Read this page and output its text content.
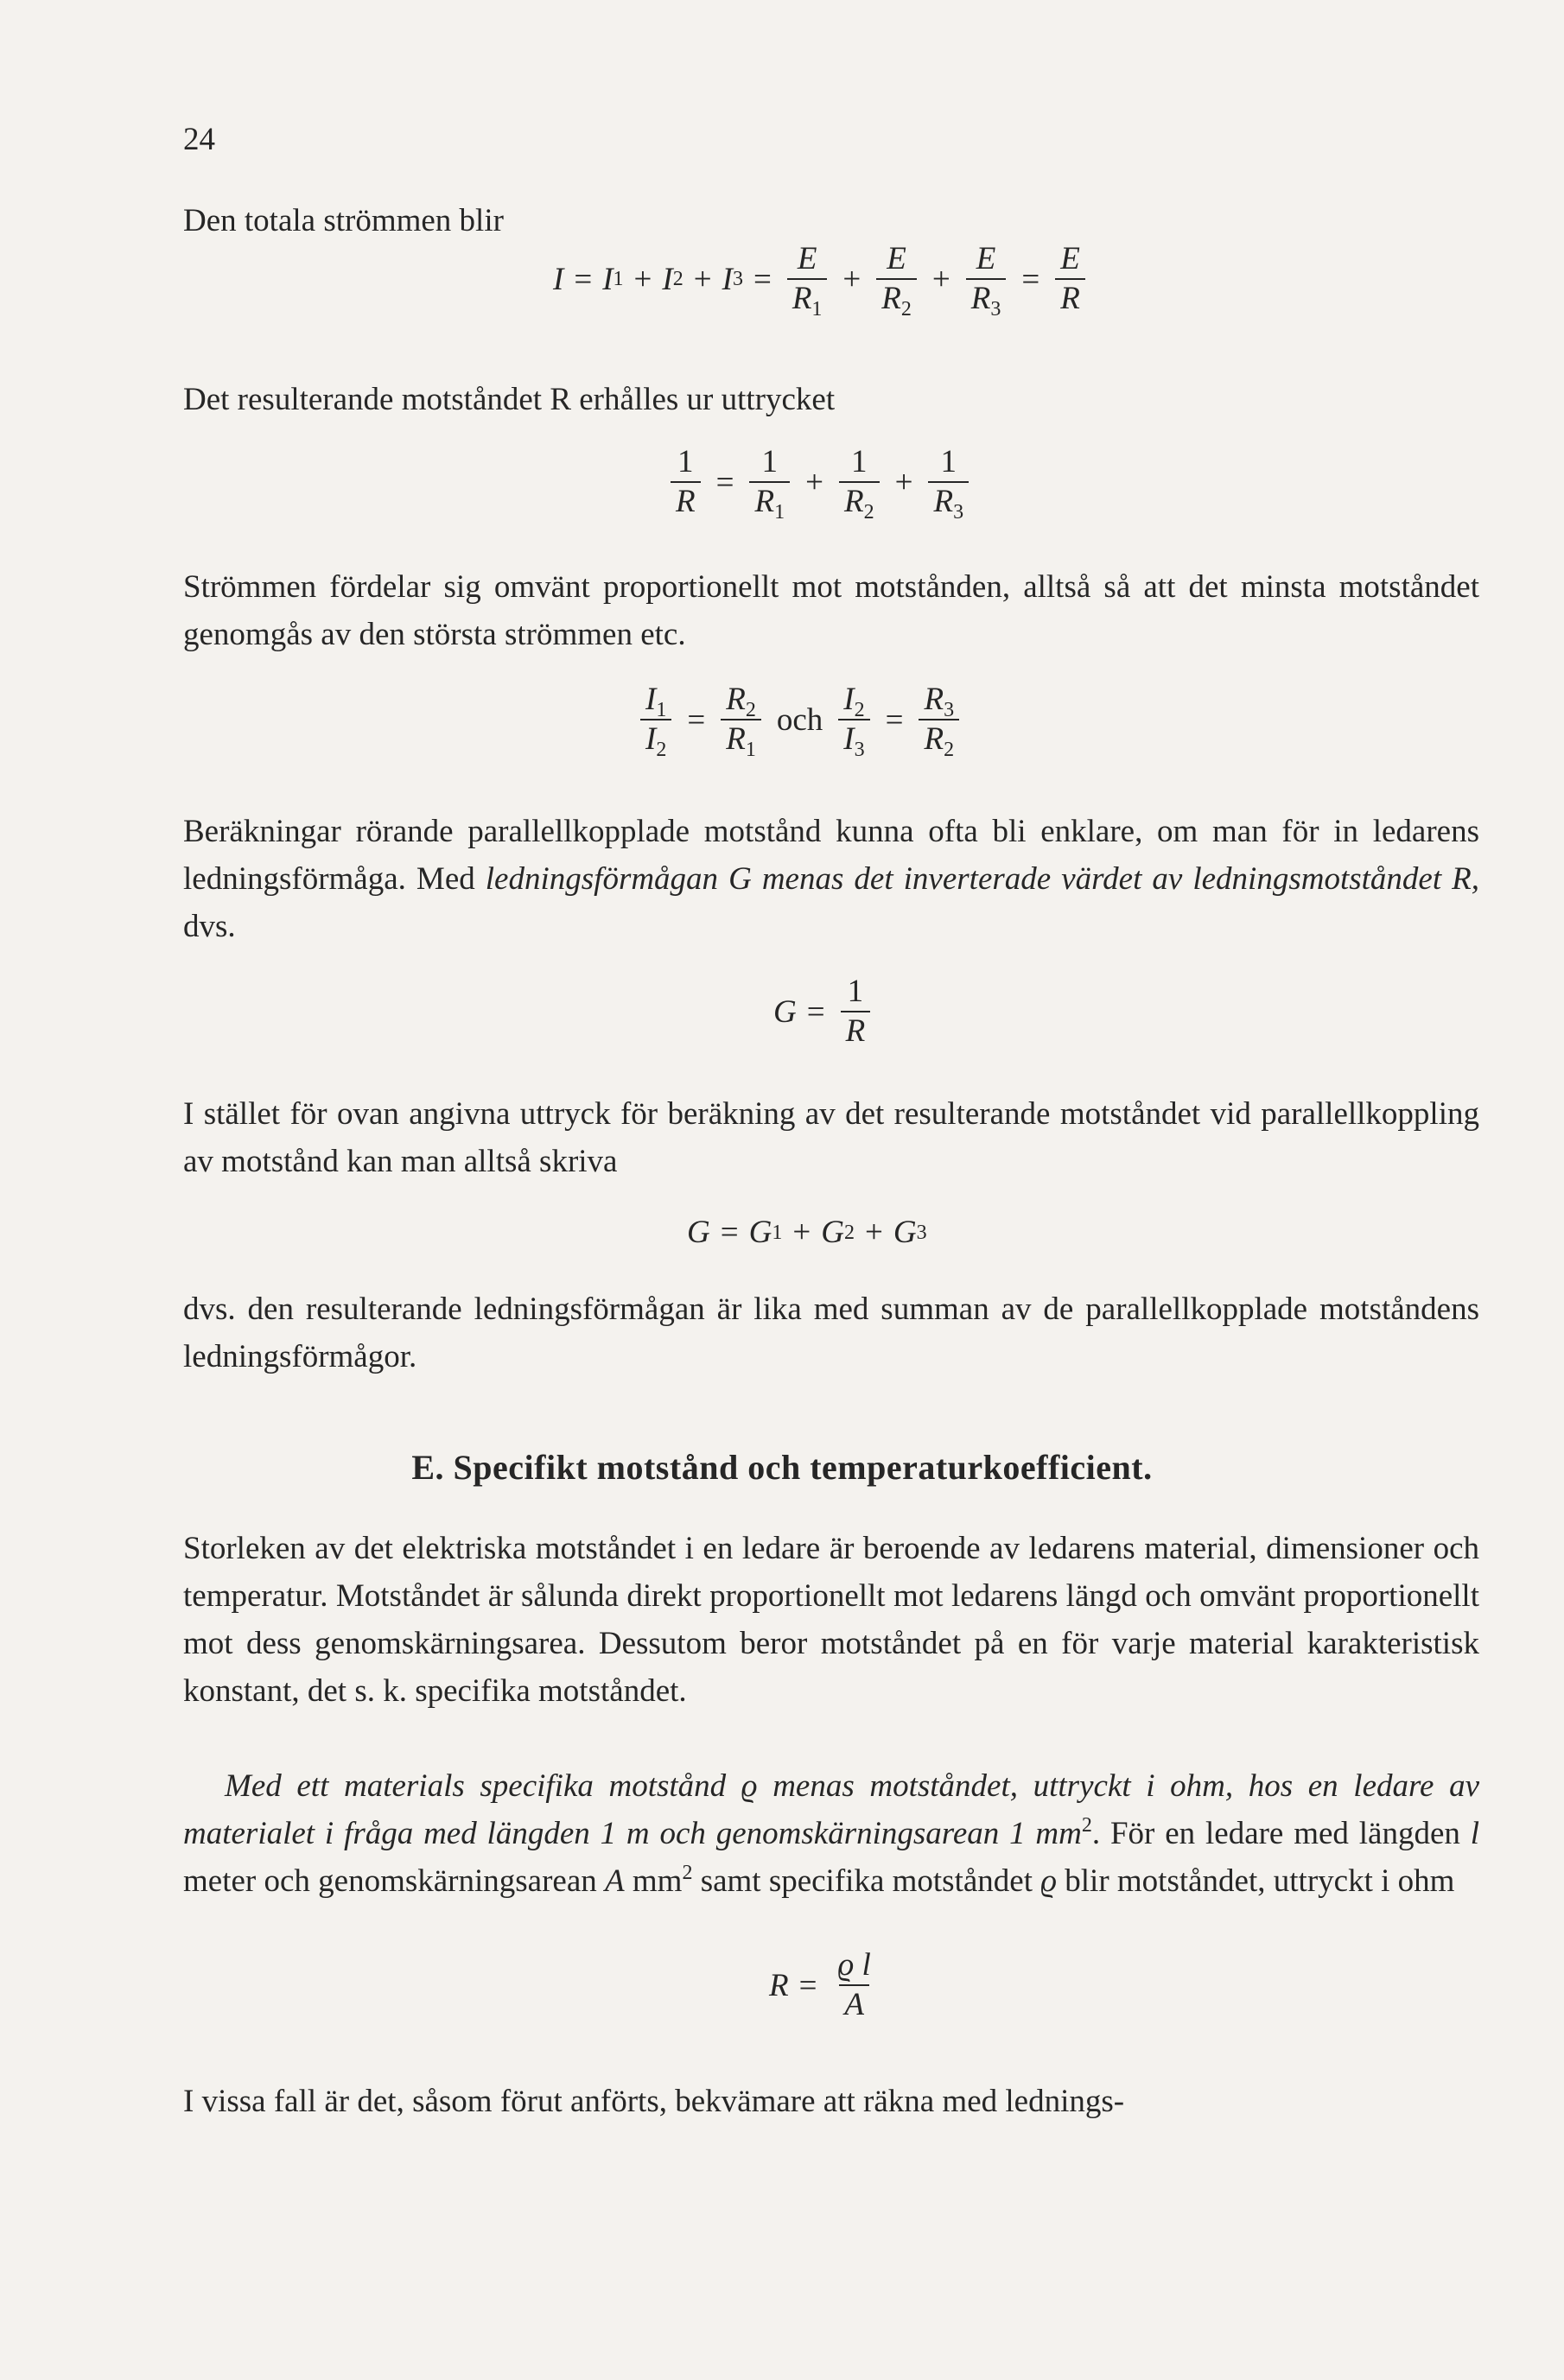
24

Den totala strömmen blir

I = I 1 + I 2 + I $3 = \frac{E}{R_1} + \frac{E}{R_2} + \frac{E}{R_3} = \frac{E}{R}$

Det resulterande motståndet R erhålles ur uttrycket

$\frac{1}{R} = \frac{1}{R_1} + \frac{1}{R_2} + \frac{1}{R_3}$

Strömmen fördelar sig omvänt proportionellt mot motstånden, alltså så att det minsta motståndet genomgås av den största strömmen etc.

$\frac{I_1}{I_2} = \frac{R_2}{R_1}$ och $\frac{I_2}{I_3} = \frac{R_3}{R_2}$

Beräkningar rörande parallellkopplade motstånd kunna ofta bli enklare, om man för in ledarens ledningsförmåga. Med ledningsförmågan G menas det inverterade värdet av ledningsmotståndet R, dvs.

$G = \frac{1}{R}$

I stället för ovan angivna uttryck för beräkning av det resulterande motståndet vid parallellkoppling av motstånd kan man alltså skriva

G = G 1 + G 2 + G 3

dvs. den resulterande ledningsförmågan är lika med summan av de parallellkopplade motståndens ledningsförmågor.

E. Specifikt motstånd och temperaturkoefficient.

Storleken av det elektriska motståndet i en ledare är beroende av ledarens material, dimensioner och temperatur. Motståndet är sålunda direkt proportionellt mot ledarens längd och omvänt proportionellt mot dess genomskärningsarea. Dessutom beror motståndet på en för varje material karakteristisk konstant, det s. k. specifika motståndet.

Med ett materials specifika motstånd ϱ menas motståndet, uttryckt i ohm, hos en ledare av materialet i fråga med längden 1 m och genomskärningsarean 1 $mm^2$. För en ledare med längden l meter och genomskärningsarean A $mm^2$ samt specifika motståndet ϱ blir motståndet, uttryckt i ohm

$R = \frac{\text{ϱ l}}{A}$

I vissa fall är det, såsom förut anförts, bekvämare att räkna med lednings-
